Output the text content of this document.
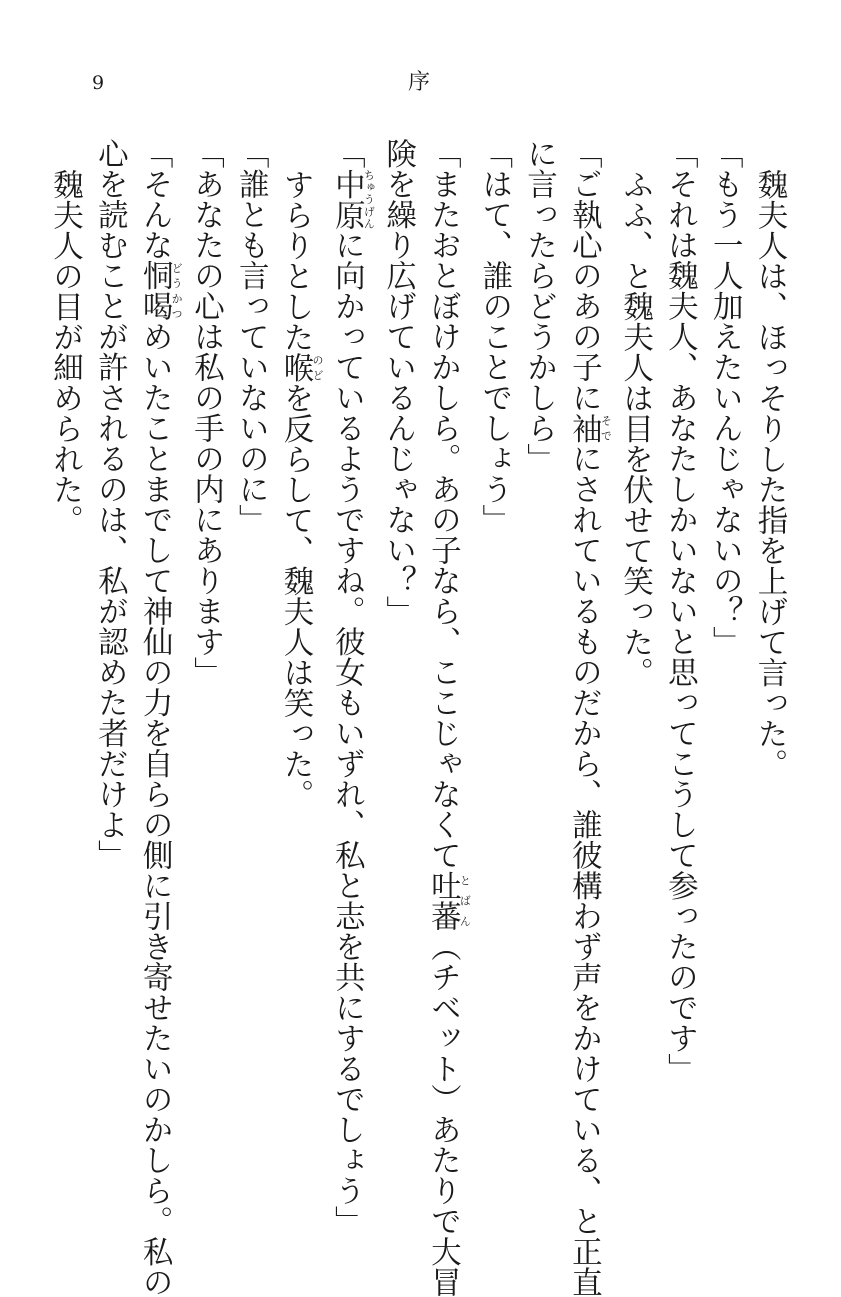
9	序
魏夫人は、ほっそりした指を上げて言った。
「もう一人加えたいんじゃないの？」
「それは魏夫人、あなたしかいないと思ってこうして参ったのです」
ふふ、と魏夫人は目を伏せて笑った。
「ご執心のあの子に袖そでにされているものだから、誰彼構わず声をかけている、と正直
に言ったらどうかしら」
「はて、誰のことでしょう」
「またおとぼけかしら。あの子なら、ここじゃなくて吐蕃とばん（チベット）あたりで大冒
険を繰り広げているんじゃない？」
「中原ちゅうげんに向かっているようですね。彼女もいずれ、私と志を共にするでしょう」
すらりとした喉のどを反らして、魏夫人は笑った。
「誰とも言っていないのに」
「あなたの心は私の手の内にあります」
「そんな恫喝どうかつめいたことまでして神仙の力を自らの側に引き寄せたいのかしら。私の
心を読むことが許されるのは、私が認めた者だけよ」
魏夫人の目が細められた。
